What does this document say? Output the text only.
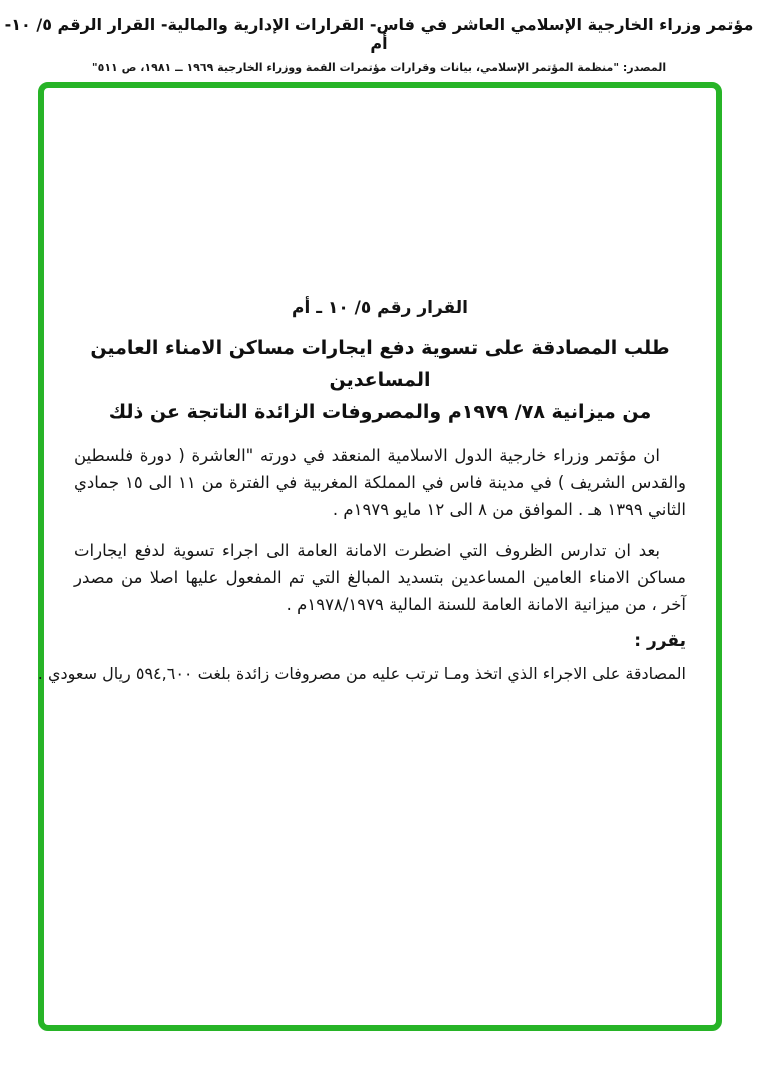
مؤتمر وزراء الخارجية الإسلامي العاشر في فاس- القرارات الإدارية والمالية- القرار الرقم ٥/ ١٠- أم
المصدر: "منظمة المؤتمر الإسلامي، بيانات وقرارات مؤتمرات القمة ووزراء الخارجية ١٩٦٩ ــ ١٩٨١، ص ٥١١"
القرار رقم ٥/ ١٠ ـ أم
طلب المصادقة على تسوية دفع ايجارات مساكن الامناء العامين المساعدين
من ميزانية ٧٨/ ١٩٧٩م والمصروفات الزائدة الناتجة عن ذلك

ان مؤتمر وزراء خارجية الدول الاسلامية المنعقد في دورته "العاشرة ( دورة فلسطين والقدس الشريف ) في مدينة فاس في المملكة المغربية في الفترة من ١١ الى ١٥ جمادي الثاني ١٣٩٩ هـ . الموافق من ٨ الى ١٢ مايو ١٩٧٩م .

بعد ان تدارس الظروف التي اضطرت الامانة العامة الى اجراء تسوية لدفع ايجارات مساكن الامناء العامين المساعدين بتسديد المبالغ التي تم المفعول عليها اصلا من مصدر آخر ، من ميزانية الامانة العامة للسنة المالية ١٩٧٨/١٩٧٩م .

يقرر :

المصادقة على الاجراء الذي اتخذ ومـا ترتب عليه من مصروفات زائدة بلغت ٥٩٤,٦٠٠ ريال سعودي .
